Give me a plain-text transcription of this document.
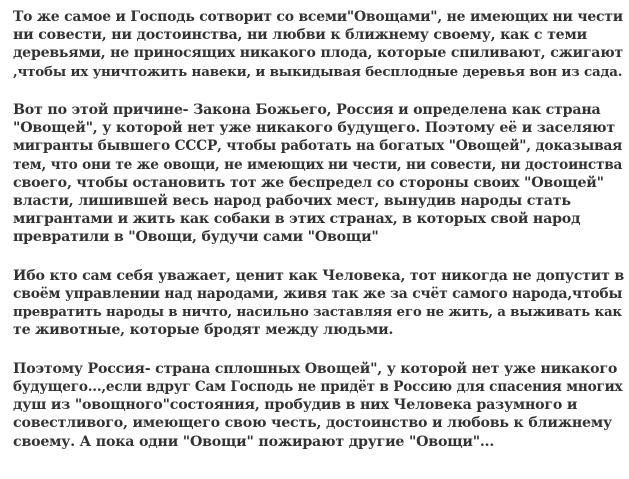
То же самое и Господь сотворит со всеми"Овощами", не имеющих ни чести
ни совести, ни достоинства, ни любви к ближнему своему, как с теми
деревьями, не приносящих никакого плода, которые спиливают, сжигают
,чтобы их уничтожить навеки, и выкидывая бесплодные деревья вон из сада.

Вот по этой причине- Закона Божьего, Россия и определена как страна
"Овощей", у которой нет уже никакого будущего. Поэтому её и заселяют
мигранты бывшего СССР, чтобы работать на богатых "Овощей", доказывая
тем, что они те же овощи, не имеющих ни чести, ни совести, ни достоинства
своего, чтобы остановить тот же беспредел со стороны своих "Овощей"
власти, лишившей весь народ рабочих мест, вынудив народы стать
мигрантами и жить как собаки в этих странах, в которых свой народ
превратили в "Овощи, будучи сами "Овощи"

Ибо кто сам себя уважает, ценит как Человека, тот никогда не допустит в
своём управлении над народами, живя так же за счёт самого народа,чтобы
превратить народы в ничто, насильно заставляя его не жить, а выживать как
те животные, которые бродят между людьми.

Поэтому Россия- страна сплошных Овощей", у которой нет уже никакого
будущего...,если вдруг Сам Господь не придёт в Россию для спасения многих
душ из "овощного"состояния, пробудив в них Человека разумного и
совестливого, имеющего свою честь, достоинство и любовь к ближнему
своему. А пока одни "Овощи" пожирают другие "Овощи"...
